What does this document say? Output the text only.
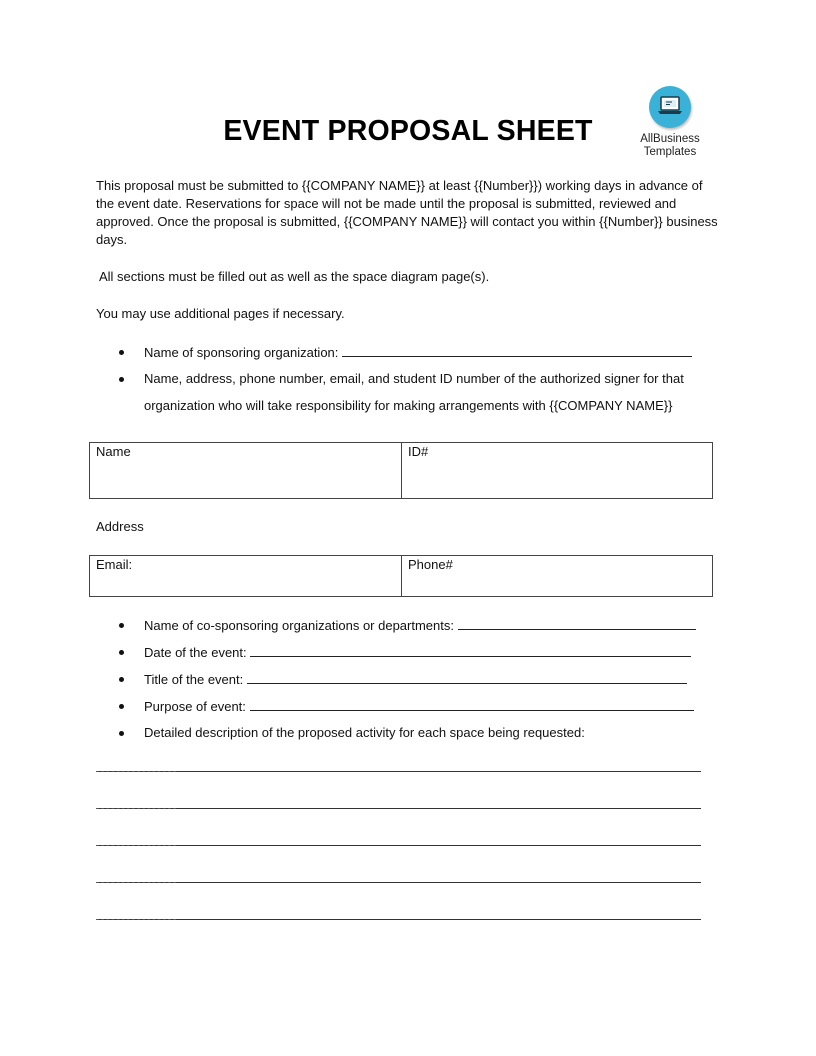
AllBusiness
Templates
EVENT PROPOSAL SHEET
This proposal must be submitted to {{COMPANY NAME}} at least {{Number}}) working days in advance of the event date. Reservations for space will not be made until the proposal is submitted, reviewed and approved. Once the proposal is submitted, {{COMPANY NAME}} will contact you within {{Number}} business days.
All sections must be filled out as well as the space diagram page(s).
You may use additional pages if necessary.
Name of sponsoring organization:
Name, address, phone number, email, and student ID number of the authorized signer for that
organization who will take responsibility for making arrangements with {{COMPANY NAME}}
Name	ID#
Address
Email:	Phone#
Name of co-sponsoring organizations or departments:
Date of the event:
Title of the event:
Purpose of event:
Detailed description of the proposed activity for each space being requested:
